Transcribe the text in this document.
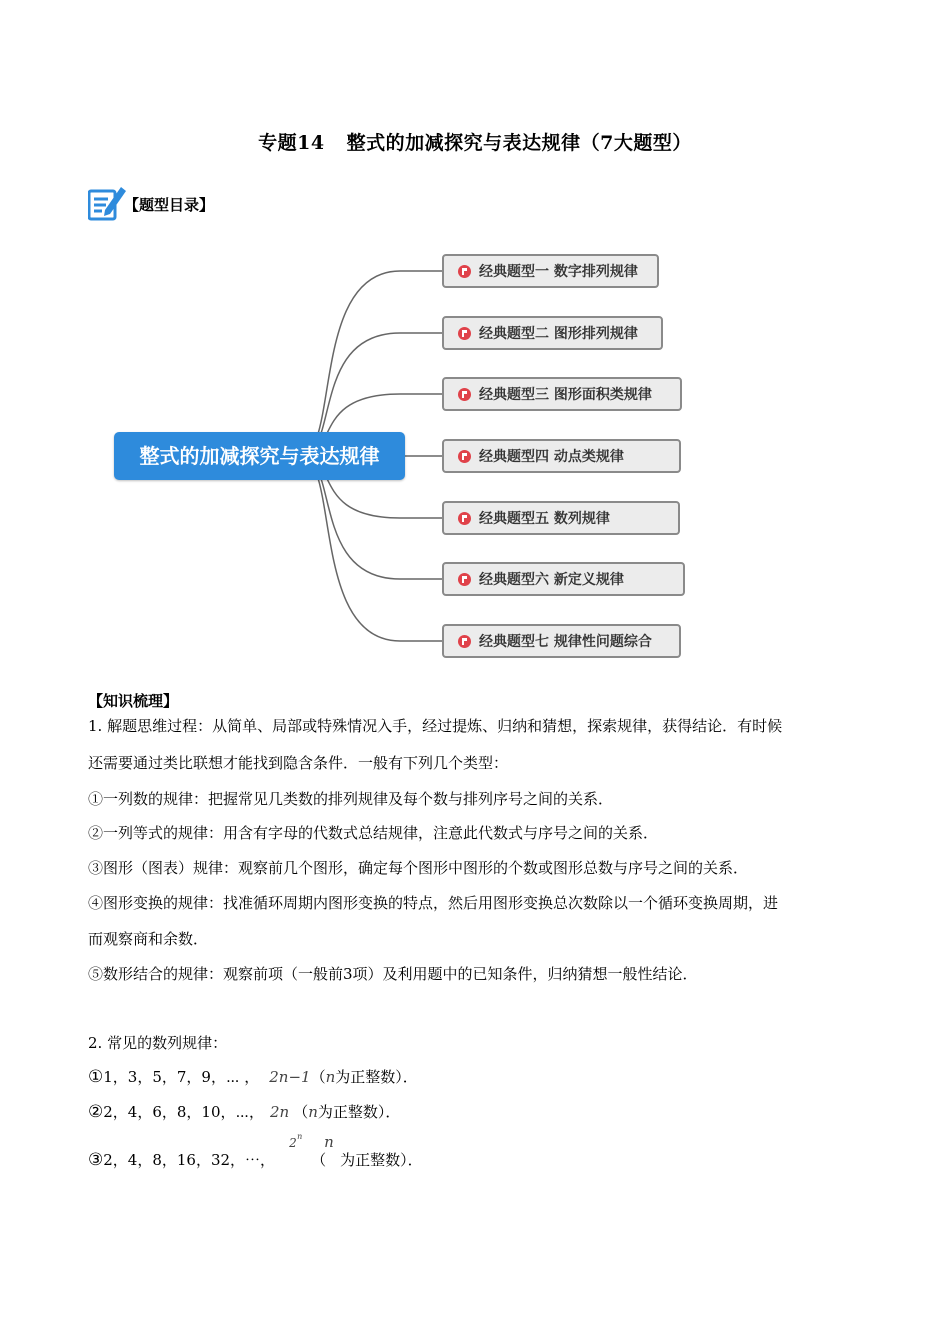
专题14 整式的加减探究与表达规律（7大题型）
【题型目录】
整式的加减探究与表达规律
经典题型一 数字排列规律
经典题型二 图形排列规律
经典题型三 图形面积类规律
经典题型四 动点类规律
经典题型五 数列规律
经典题型六 新定义规律
经典题型七 规律性问题综合
【知识梳理】
1. 解题思维过程：从简单、局部或特殊情况入手，经过提炼、归纳和猜想，探索规律，获得结论．有时候
还需要通过类比联想才能找到隐含条件．一般有下列几个类型：
①一列数的规律：把握常见几类数的排列规律及每个数与排列序号之间的关系．
②一列等式的规律：用含有字母的代数式总结规律，注意此代数式与序号之间的关系．
③图形（图表）规律：观察前几个图形，确定每个图形中图形的个数或图形总数与序号之间的关系．
④图形变换的规律：找准循环周期内图形变换的特点，然后用图形变换总次数除以一个循环变换周期，进
而观察商和余数．
⑤数形结合的规律：观察前项（一般前3项）及利用题中的已知条件，归纳猜想一般性结论．
2. 常见的数列规律：
①1，3，5，7，9，⋯ ， 2n−1（n为正整数）．
②2，4，6，8，10，⋯， 2n （n为正整数）．
③2，4，8，16，32，⋯，
2 n
（
n
为正整数）．
